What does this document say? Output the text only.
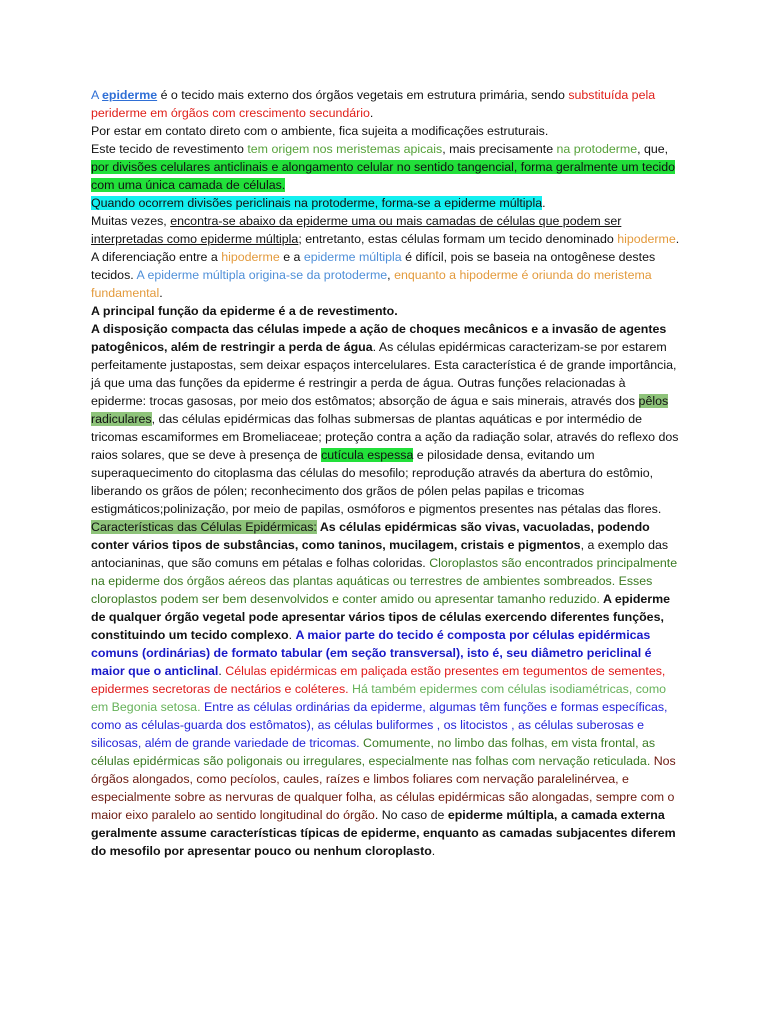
A epiderme é o tecido mais externo dos órgãos vegetais em estrutura primária, sendo substituída pela periderme em órgãos com crescimento secundário.

Por estar em contato direto com o ambiente, fica sujeita a modificações estruturais.

Este tecido de revestimento tem origem nos meristemas apicais, mais precisamente na protoderme, que, por divisões celulares anticlinais e alongamento celular no sentido tangencial, forma geralmente um tecido com uma única camada de células.

Quando ocorrem divisões periclinais na protoderme, forma-se a epiderme múltipla.

Muitas vezes, encontra-se abaixo da epiderme uma ou mais camadas de células que podem ser interpretadas como epiderme múltipla; entretanto, estas células formam um tecido denominado hipoderme. A diferenciação entre a hipoderme e a epiderme múltipla é difícil, pois se baseia na ontogênese destes tecidos. A epiderme múltipla origina-se da protoderme, enquanto a hipoderme é oriunda do meristema fundamental.

A principal função da epiderme é a de revestimento.

A disposição compacta das células impede a ação de choques mecânicos e a invasão de agentes patogênicos, além de restringir a perda de água. As células epidérmicas caracterizam-se por estarem perfeitamente justapostas, sem deixar espaços intercelulares. Esta característica é de grande importância, já que uma das funções da epiderme é restringir a perda de água. Outras funções relacionadas à epiderme: trocas gasosas, por meio dos estômatos; absorção de água e sais minerais, através dos pêlos radiculares, das células epidérmicas das folhas submersas de plantas aquáticas e por intermédio de tricomas escamiformes em Bromeliaceae; proteção contra a ação da radiação solar, através do reflexo dos raios solares, que se deve à presença de cutícula espessa e pilosidade densa, evitando um superaquecimento do citoplasma das células do mesofilo; reprodução através da abertura do estômio, liberando os grãos de pólen; reconhecimento dos grãos de pólen pelas papilas e tricomas estigmáticos;polinização, por meio de papilas, osmóforos e pigmentos presentes nas pétalas das flores.

Características das Células Epidérmicas: As células epidérmicas são vivas, vacuoladas, podendo conter vários tipos de substâncias, como taninos, mucilagem, cristais e pigmentos, a exemplo das antocianinas, que são comuns em pétalas e folhas coloridas. Cloroplastos são encontrados principalmente na epiderme dos órgãos aéreos das plantas aquáticas ou terrestres de ambientes sombreados. Esses cloroplastos podem ser bem desenvolvidos e conter amido ou apresentar tamanho reduzido. A epiderme de qualquer órgão vegetal pode apresentar vários tipos de células exercendo diferentes funções, constituindo um tecido complexo. A maior parte do tecido é composta por células epidérmicas comuns (ordinárias) de formato tabular (em seção transversal), isto é, seu diâmetro periclinal é maior que o anticlinal. Células epidérmicas em paliçada estão presentes em tegumentos de sementes, epidermes secretoras de nectários e coléteres. Há também epidermes com células isodiamétricas, como em Begonia setosa. Entre as células ordinárias da epiderme, algumas têm funções e formas específicas, como as células-guarda dos estômatos), as células buliformes , os litocistos , as células suberosas e silicosas, além de grande variedade de tricomas. Comumente, no limbo das folhas, em vista frontal, as células epidérmicas são poligonais ou irregulares, especialmente nas folhas com nervação reticulada. Nos órgãos alongados, como pecíolos, caules, raízes e limbos foliares com nervação paralelinérvea, e especialmente sobre as nervuras de qualquer folha, as células epidérmicas são alongadas, sempre com o maior eixo paralelo ao sentido longitudinal do órgão. No caso de epiderme múltipla, a camada externa geralmente assume características típicas de epiderme, enquanto as camadas subjacentes diferem do mesofilo por apresentar pouco ou nenhum cloroplasto.
